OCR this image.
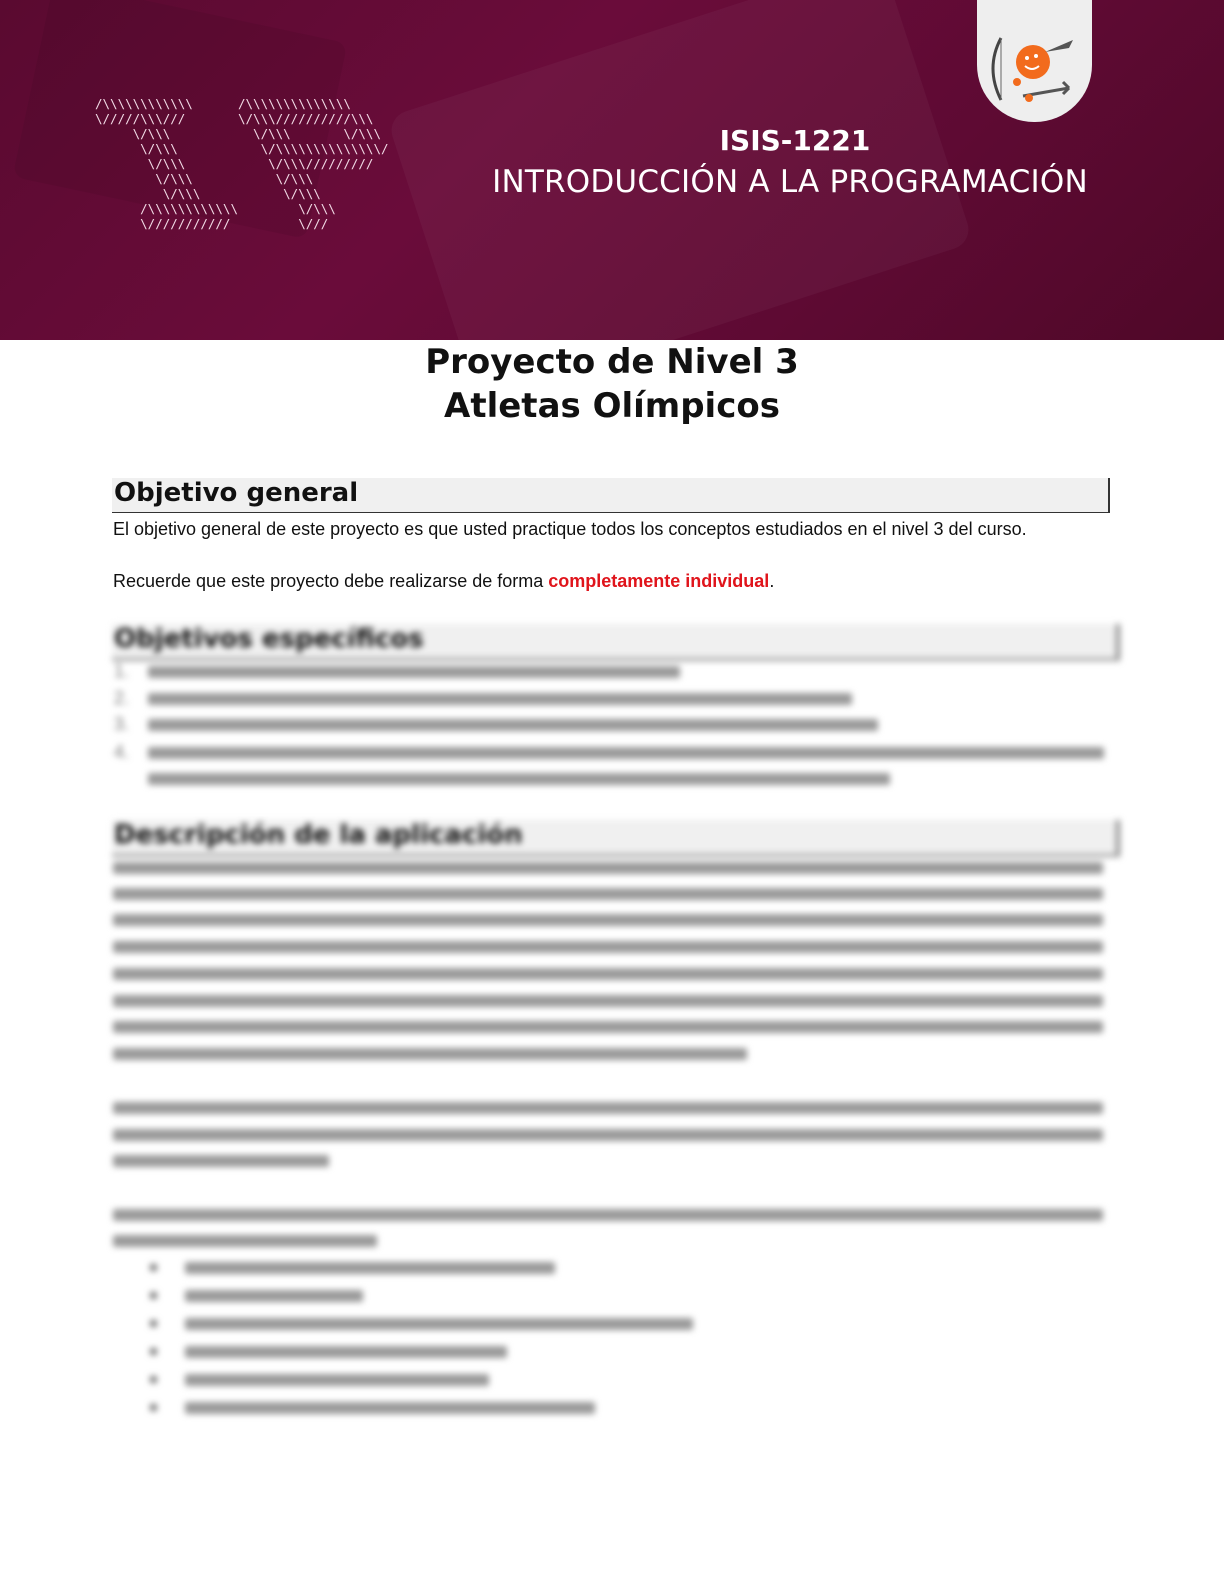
/\\\\\\\\\\\\      /\\\\\\\\\\\\\\
\/////\\\///       \/\\\//////////\\\
\/\\\           \/\\\       \/\\\
\/\\\           \/\\\\\\\\\\\\\\/
\/\\\           \/\\\/////////
\/\\\           \/\\\
\/\\\           \/\\\
/\\\\\\\\\\\\        \/\\\
\///////////         \///
ISIS-1221
INTRODUCCIÓN A LA PROGRAMACIÓN
Proyecto de Nivel 3
Atletas Olímpicos
Objetivo general
El objetivo general de este proyecto es que usted practique todos los conceptos estudiados en el nivel 3 del curso.
Recuerde que este proyecto debe realizarse de forma completamente individual.
Objetivos específicos
1.
2.
3.
4.
Descripción de la aplicación
